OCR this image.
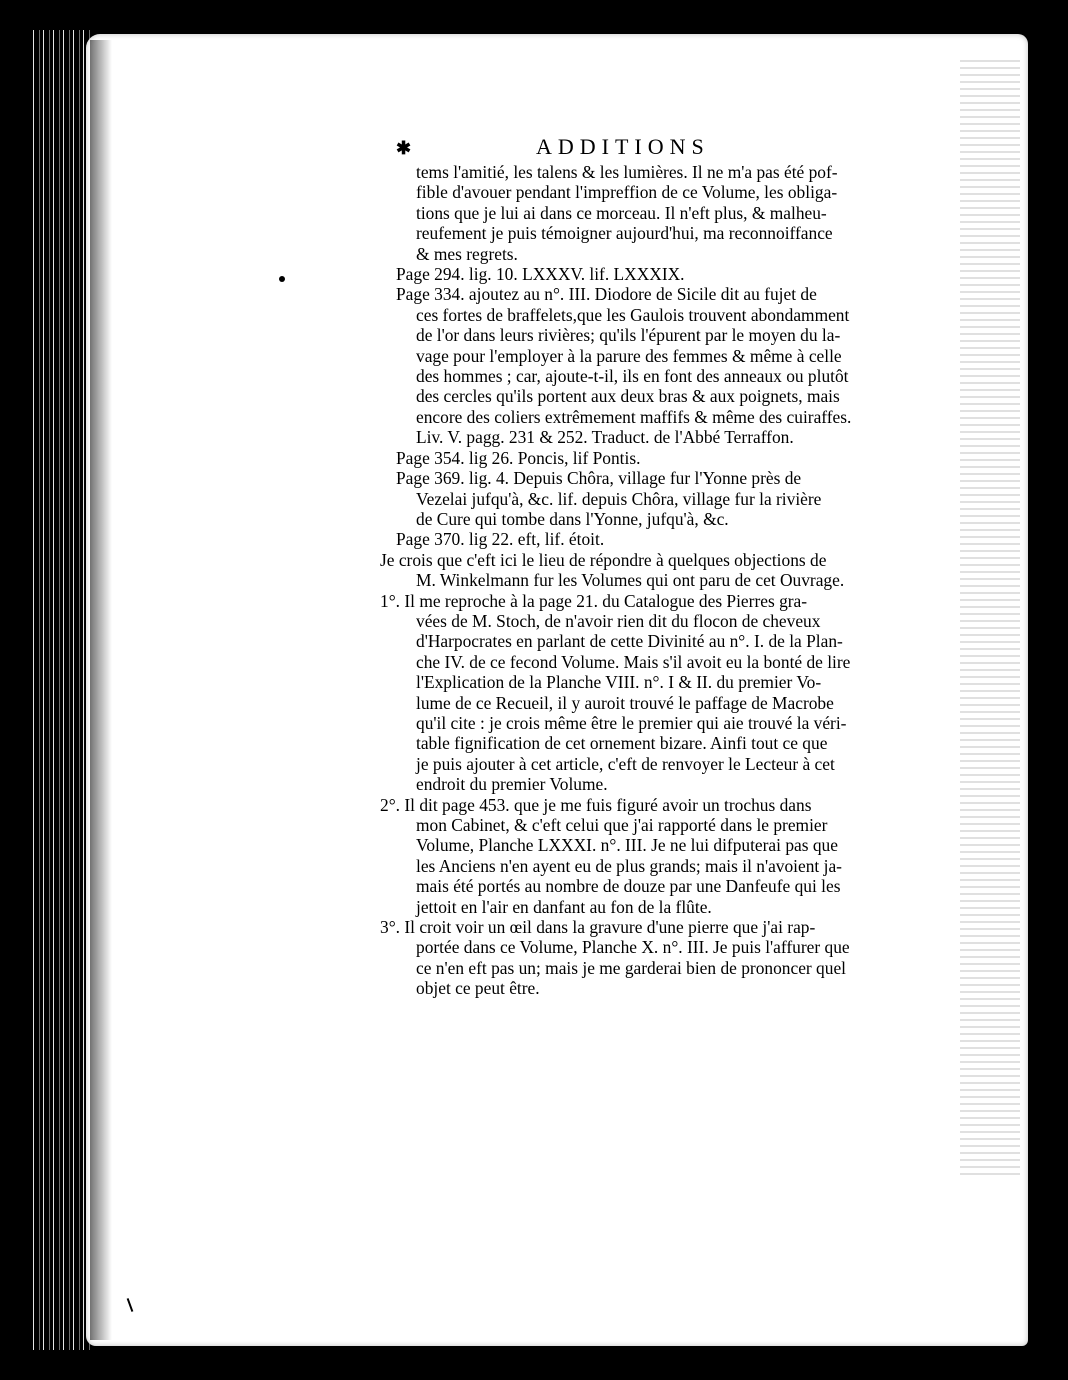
✱	ADDITIONS
tems l'amitié, les talens & les lumières. Il ne m'a pas été pof-
fible d'avouer pendant l'impreffion de ce Volume, les obliga-
tions que je lui ai dans ce morceau. Il n'eft plus, & malheu-
reufement je puis témoigner aujourd'hui, ma reconnoiffance
& mes regrets.
Page 294. lig. 10. LXXXV. lif. LXXXIX.
Page 334. ajoutez au n°. III. Diodore de Sicile dit au fujet de
ces fortes de braffelets,que les Gaulois trouvent abondamment
de l'or dans leurs rivières; qu'ils l'épurent par le moyen du la-
vage pour l'employer à la parure des femmes & même à celle
des hommes ; car, ajoute-t-il, ils en font des anneaux ou plutôt
des cercles qu'ils portent aux deux bras & aux poignets, mais
encore des coliers extrêmement maffifs & même des cuiraffes.
Liv. V. pagg. 231 & 252. Traduct. de l'Abbé Terraffon.
Page 354. lig 26. Poncis, lif Pontis.
Page 369. lig. 4. Depuis Chôra, village fur l'Yonne près de
Vezelai jufqu'à, &c. lif. depuis Chôra, village fur la rivière
de Cure qui tombe dans l'Yonne, jufqu'à, &c.
Page 370. lig 22. eft, lif. étoit.
Je crois que c'eft ici le lieu de répondre à quelques objections de
M. Winkelmann fur les Volumes qui ont paru de cet Ouvrage.
1°. Il me reproche à la page 21. du Catalogue des Pierres gra-
vées de M. Stoch, de n'avoir rien dit du flocon de cheveux
d'Harpocrates en parlant de cette Divinité au n°. I. de la Plan-
che IV. de ce fecond Volume. Mais s'il avoit eu la bonté de lire
l'Explication de la Planche VIII. n°. I & II. du premier Vo-
lume de ce Recueil, il y auroit trouvé le paffage de Macrobe
qu'il cite : je crois même être le premier qui aie trouvé la véri-
table fignification de cet ornement bizare. Ainfi tout ce que
je puis ajouter à cet article, c'eft de renvoyer le Lecteur à cet
endroit du premier Volume.
2°. Il dit page 453. que je me fuis figuré avoir un trochus dans
mon Cabinet, & c'eft celui que j'ai rapporté dans le premier
Volume, Planche LXXXI. n°. III. Je ne lui difputerai pas que
les Anciens n'en ayent eu de plus grands; mais il n'avoient ja-
mais été portés au nombre de douze par une Danfeufe qui les
jettoit en l'air en danfant au fon de la flûte.
3°. Il croit voir un œil dans la gravure d'une pierre que j'ai rap-
portée dans ce Volume, Planche X. n°. III. Je puis l'affurer que
ce n'en eft pas un; mais je me garderai bien de prononcer quel
objet ce peut être.
